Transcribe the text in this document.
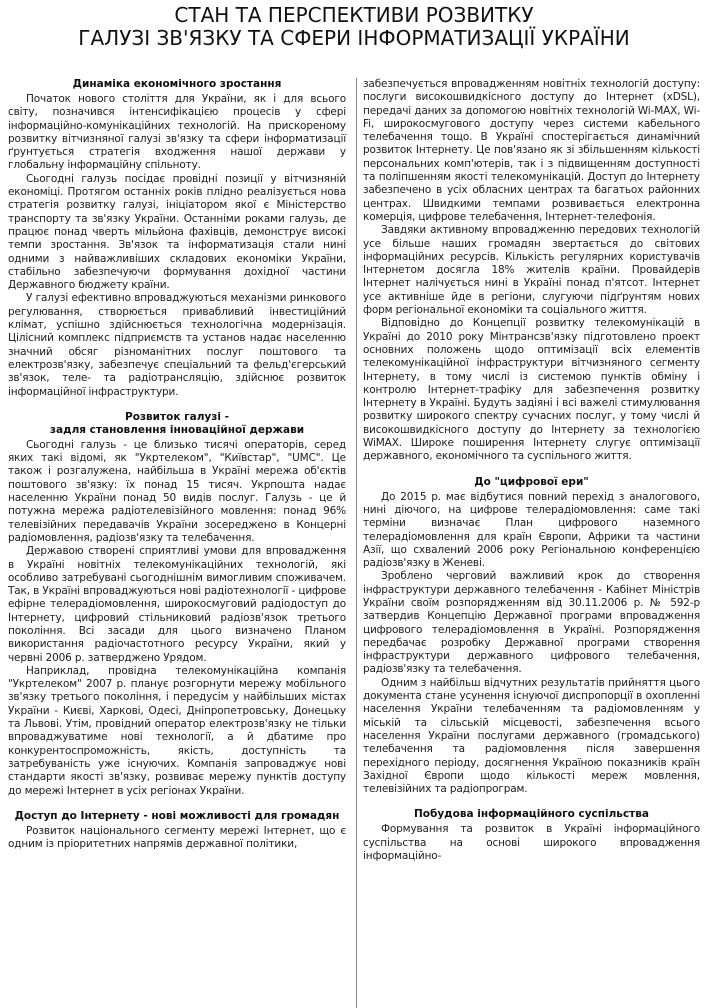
СТАН ТА ПЕРСПЕКТИВИ РОЗВИТКУ
ГАЛУЗІ ЗВ'ЯЗКУ ТА СФЕРИ ІНФОРМАТИЗАЦІЇ УКРАЇНИ
Динаміка економічного зростання

Початок нового століття для України, як і для всього світу, позначився інтенсифікацією процесів у сфері інформаційно-комунікаційних технологій. На прискореному розвитку вітчизняної галузі зв'язку та сфери інформатизації ґрунтується стратегія входження нашої держави у глобальну інформаційну спільноту.

Сьогодні галузь посідає провідні позиції у вітчизняній економіці. Протягом останніх років плідно реалізується нова стратегія розвитку галузі, ініціатором якої є Міністерство транспорту та зв'язку України. Останніми роками галузь, де працює понад чверть мільйона фахівців, демонструє високі темпи зростання. Зв'язок та інформатизація стали нині одними з найважливіших складових економіки України, стабільно забезпечуючи формування дохідної частини Державного бюджету країни.

У галузі ефективно впроваджуються механізми ринкового регулювання, створюється привабливий інвестиційний клімат, успішно здійснюється технологічна модернізація. Цілісний комплекс підприємств та установ надає населенню значний обсяг різноманітних послуг поштового та електрозв'язку, забезпечує спеціальний та фельд'єгерський зв'язок, теле- та радіотрансляцію, здійснює розвиток інформаційної інфраструктури.

Розвиток галузі -
задля становлення інноваційної держави

Сьогодні галузь - це близько тисячі операторів, серед яких такі відомі, як "Укртелеком", "Київстар", "UMC". Це також і розгалужена, найбільша в Україні мережа об'єктів поштового зв'язку: їх понад 15 тисяч. Укрпошта надає населенню України понад 50 видів послуг. Галузь - це й потужна мережа радіотелевізійного мовлення: понад 96% телевізійних передавачів України зосереджено в Концерні радіомовлення, радіозв'язку та телебачення.

Державою створені сприятливі умови для впровадження в Україні новітніх телекомунікаційних технологій, які особливо затребувані сьогоднішнім вимогливим споживачем. Так, в Україні впроваджуються нові радіотехнології - цифрове ефірне телерадіомовлення, широкосмуговий радіодоступ до Інтернету, цифровий стільниковий радіозв'язок третього покоління. Всі засади для цього визначено Планом використання радіочастотного ресурсу України, який у червні 2006 р. затверджено Урядом.

Наприклад, провідна телекомунікаційна компанія "Укртелеком" 2007 р. планує розгорнути мережу мобільного зв'язку третього покоління, і передусім у найбільших містах України - Києві, Харкові, Одесі, Дніпропетровську, Донецьку та Львові. Утім, провідний оператор електрозв'язку не тільки впроваджуватиме нові технології, а й дбатиме про конкурентоспроможність, якість, доступність та затребуваність уже існуючих. Компанія запроваджує нові стандарти якості зв'язку, розвиває мережу пунктів доступу до мережі Інтернет в усіх регіонах України.

Доступ до Інтернету - нові можливості для громадян

Розвиток національного сегменту мережі Інтернет, що є одним із пріоритетних напрямів державної політики,

забезпечується впровадженням новітніх технологій доступу: послуги високошвидкісного доступу до Інтернет (xDSL), передачі даних за допомогою новітніх технологій Wi-MAX, Wi-Fi, широкосмугового доступу через системи кабельного телебачення тощо. В Україні спостерігається динамічний розвиток Інтернету. Це пов'язано як зі збільшенням кількості персональних комп'ютерів, так і з підвищенням доступності та поліпшенням якості телекомунікацій. Доступ до Інтернету забезпечено в усіх обласних центрах та багатьох районних центрах. Швидкими темпами розвивається електронна комерція, цифрове телебачення, Інтернет-телефонія.

Завдяки активному впровадженню передових технологій усе більше наших громадян звертається до світових інформаційних ресурсів. Кількість регулярних користувачів Інтернетом досягла 18% жителів країни. Провайдерів Інтернет налічується нині в Україні понад п'ятсот. Інтернет усе активніше йде в регіони, слугуючи підґрунтям нових форм регіональної економіки та соціального життя.

Відповідно до Концепції розвитку телекомунікацій в Україні до 2010 року Мінтрансзв'язку підготовлено проект основних положень щодо оптимізації всіх елементів телекомунікаційної інфраструктури вітчизняного сегменту Інтернету, в тому числі із системою пунктів обміну і контролю Інтернет-трафіку для забезпечення розвитку Інтернету в Україні. Будуть задіяні і всі важелі стимулювання розвитку широкого спектру сучасних послуг, у тому числі й високошвидкісного доступу до Інтернету за технологією WiMAX. Широке поширення Інтернету слугує оптимізації державного, економічного та суспільного життя.

До "цифрової ери"

До 2015 р. має відбутися повний перехід з аналогового, нині діючого, на цифрове телерадіомовлення: саме такі терміни визначає План цифрового наземного телерадіомовлення для країн Європи, Африки та частини Азії, що схвалений 2006 року Регіональною конференцією радіозв'язку в Женеві.

Зроблено черговий важливий крок до створення інфраструктури державного телебачення - Кабінет Міністрів України своїм розпорядженням від 30.11.2006 р. № 592-р затвердив Концепцію Державної програми впровадження цифрового телерадіомовлення в Україні. Розпорядження передбачає розробку Державної програми створення інфраструктури державного цифрового телебачення, радіозв'язку та телебачення.

Одним з найбільш відчутних результатів прийняття цього документа стане усунення існуючої диспропорції в охопленні населення України телебаченням та радіомовленням у міській та сільській місцевості, забезпечення всього населення України послугами державного (громадського) телебачення та радіомовлення після завершення перехідного періоду, досягнення Україною показників країн Західної Європи щодо кількості мереж мовлення, телевізійних та радіопрограм.

Побудова інформаційного суспільства

Формування та розвиток в Україні інформаційного суспільства на основі широкого впровадження інформаційно-
